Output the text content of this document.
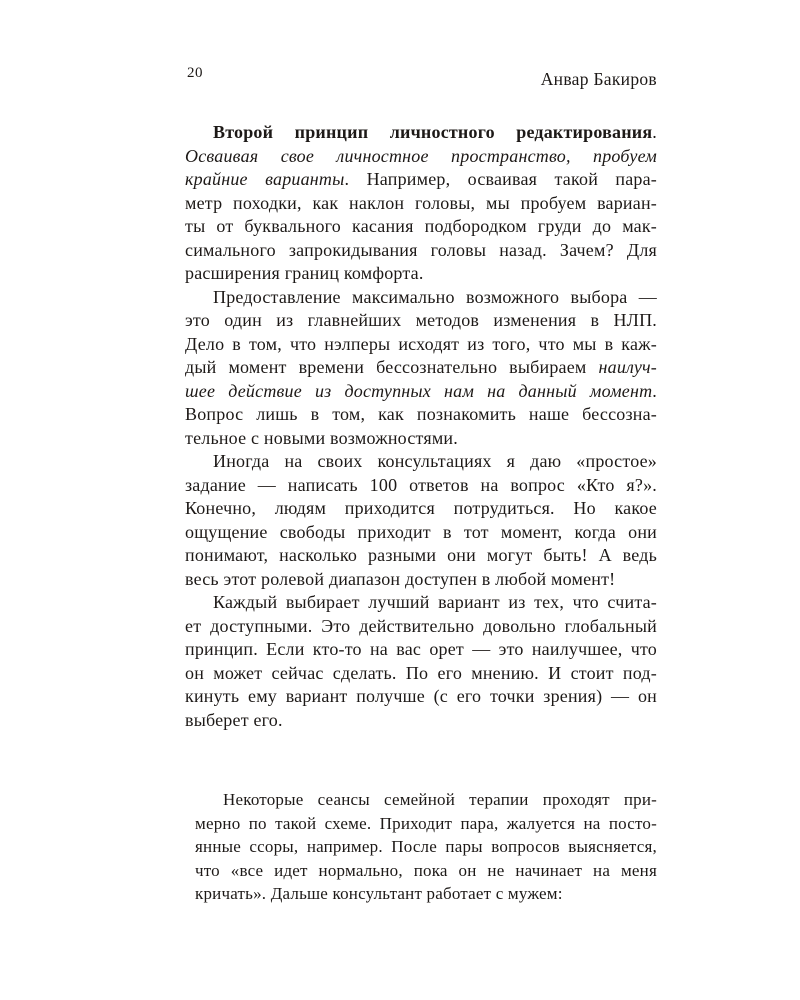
20	Анвар Бакиров
Второй принцип личностного редактирования.
Осваивая свое личностное пространство, пробуем
крайние варианты. Например, осваивая такой пара-
метр походки, как наклон головы, мы пробуем вариан-
ты от буквального касания подбородком груди до мак-
симального запрокидывания головы назад. Зачем? Для
расширения границ комфорта.
Предоставление максимально возможного выбора —
это один из главнейших методов изменения в НЛП.
Дело в том, что нэлперы исходят из того, что мы в каж-
дый момент времени бессознательно выбираем наилуч-
шее действие из доступных нам на данный момент.
Вопрос лишь в том, как познакомить наше бессозна-
тельное с новыми возможностями.
Иногда на своих консультациях я даю «простое»
задание — написать 100 ответов на вопрос «Кто я?».
Конечно, людям приходится потрудиться. Но какое
ощущение свободы приходит в тот момент, когда они
понимают, насколько разными они могут быть! А ведь
весь этот ролевой диапазон доступен в любой момент!
Каждый выбирает лучший вариант из тех, что счита-
ет доступными. Это действительно довольно глобальный
принцип. Если кто-то на вас орет — это наилучшее, что
он может сейчас сделать. По его мнению. И стоит под-
кинуть ему вариант получше (с его точки зрения) — он
выберет его.
Некоторые сеансы семейной терапии проходят при-
мерно по такой схеме. Приходит пара, жалуется на посто-
янные ссоры, например. После пары вопросов выясняется,
что «все идет нормально, пока он не начинает на меня
кричать». Дальше консультант работает с мужем:
